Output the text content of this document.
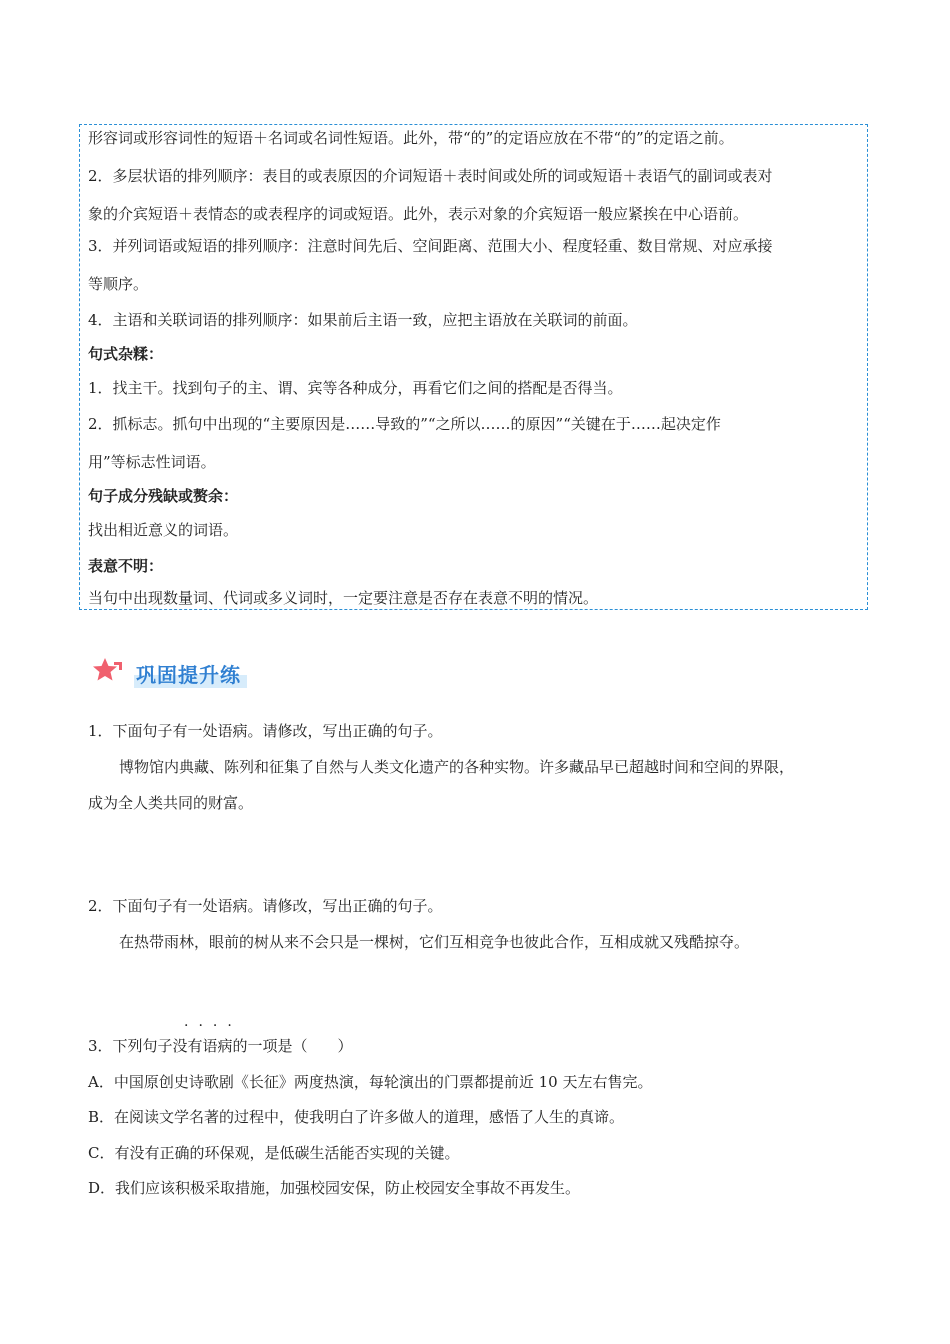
形容词或形容词性的短语＋名词或名词性短语。此外，带“的”的定语应放在不带“的”的定语之前。
2．多层状语的排列顺序：表目的或表原因的介词短语＋表时间或处所的词或短语＋表语气的副词或表对
象的介宾短语＋表情态的或表程序的词或短语。此外，表示对象的介宾短语一般应紧挨在中心语前。
3．并列词语或短语的排列顺序：注意时间先后、空间距离、范围大小、程度轻重、数目常规、对应承接
等顺序。
4．主语和关联词语的排列顺序：如果前后主语一致，应把主语放在关联词的前面。
句式杂糅：
1．找主干。找到句子的主、谓、宾等各种成分，再看它们之间的搭配是否得当。
2．抓标志。抓句中出现的“主要原因是……导致的”“之所以……的原因”“关键在于……起决定作
用”等标志性词语。
句子成分残缺或赘余：
找出相近意义的词语。
表意不明：
当句中出现数量词、代词或多义词时，一定要注意是否存在表意不明的情况。
巩固提升练
1．下面句子有一处语病。请修改，写出正确的句子。
博物馆内典藏、陈列和征集了自然与人类文化遗产的各种实物。许多藏品早已超越时间和空间的界限，
成为全人类共同的财富。
2．下面句子有一处语病。请修改，写出正确的句子。
在热带雨林，眼前的树从来不会只是一棵树，它们互相竞争也彼此合作，互相成就又残酷掠夺。
····
3．下列句子没有语病的一项是（　　）
A．中国原创史诗歌剧《长征》两度热演，每轮演出的门票都提前近 10 天左右售完。
B．在阅读文学名著的过程中，使我明白了许多做人的道理，感悟了人生的真谛。
C．有没有正确的环保观，是低碳生活能否实现的关键。
D．我们应该积极采取措施，加强校园安保，防止校园安全事故不再发生。
